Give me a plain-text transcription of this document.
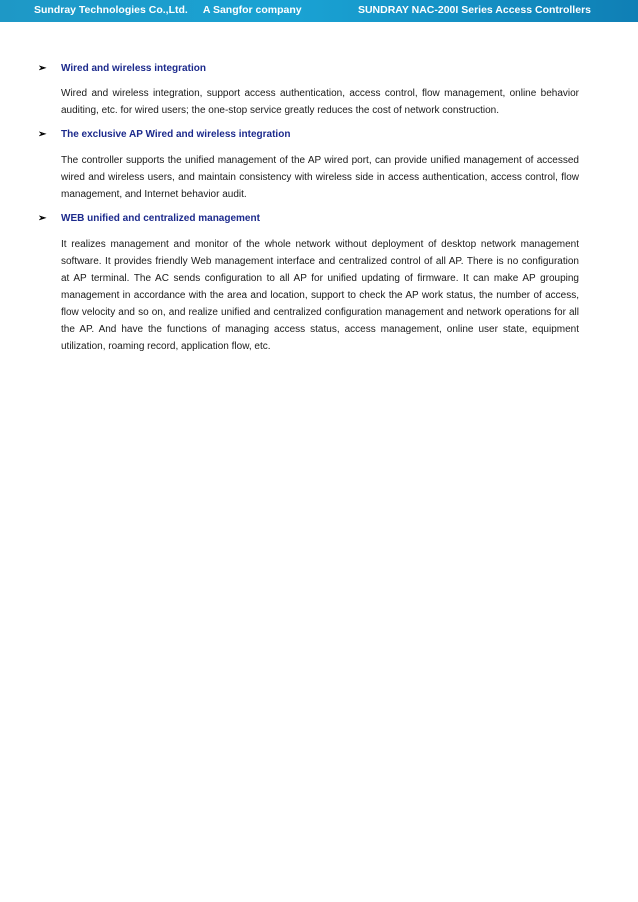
Sundray Technologies Co.,Ltd. A Sangfor company	SUNDRAY NAC-200I Series Access Controllers
➢ Wired and wireless integration
Wired and wireless integration, support access authentication, access control, flow management, online behavior auditing, etc. for wired users; the one-stop service greatly reduces the cost of network construction.
➢ The exclusive AP Wired and wireless integration
The controller supports the unified management of the AP wired port, can provide unified management of accessed wired and wireless users, and maintain consistency with wireless side in access authentication, access control, flow management, and Internet behavior audit.
➢ WEB unified and centralized management
It realizes management and monitor of the whole network without deployment of desktop network management software. It provides friendly Web management interface and centralized control of all AP. There is no configuration at AP terminal. The AC sends configuration to all AP for unified updating of firmware. It can make AP grouping management in accordance with the area and location, support to check the AP work status, the number of access, flow velocity and so on, and realize unified and centralized configuration management and network operations for all the AP. And have the functions of managing access status, access management, online user state, equipment utilization, roaming record, application flow, etc.
